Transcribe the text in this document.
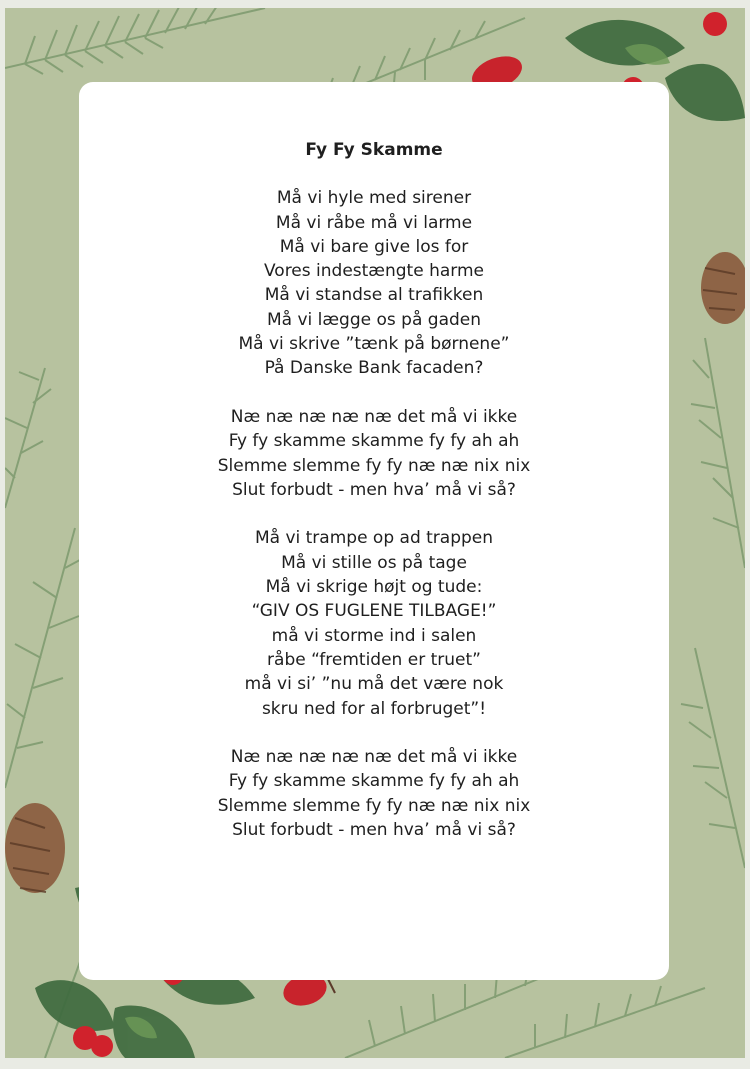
Fy Fy Skamme
Må vi hyle med sirener
Må vi råbe må vi larme
Må vi bare give los for
Vores indestængte harme
Må vi standse al trafikken
Må vi lægge os på gaden
Må vi skrive ”tænk på børnene”
På Danske Bank facaden?
Næ næ næ næ næ det må vi ikke
Fy fy skamme skamme fy fy ah ah
Slemme slemme fy fy næ næ nix nix
Slut forbudt - men hva’ må vi så?
Må vi trampe op ad trappen
Må vi stille os på tage
Må vi skrige højt og tude:
“GIV OS FUGLENE TILBAGE!”
må vi storme ind i salen
råbe “fremtiden er truet”
må vi si’ ”nu må det være nok
skru ned for al forbruget”!
Næ næ næ næ næ det må vi ikke
Fy fy skamme skamme fy fy ah ah
Slemme slemme fy fy næ næ nix nix
Slut forbudt - men hva’ må vi så?
